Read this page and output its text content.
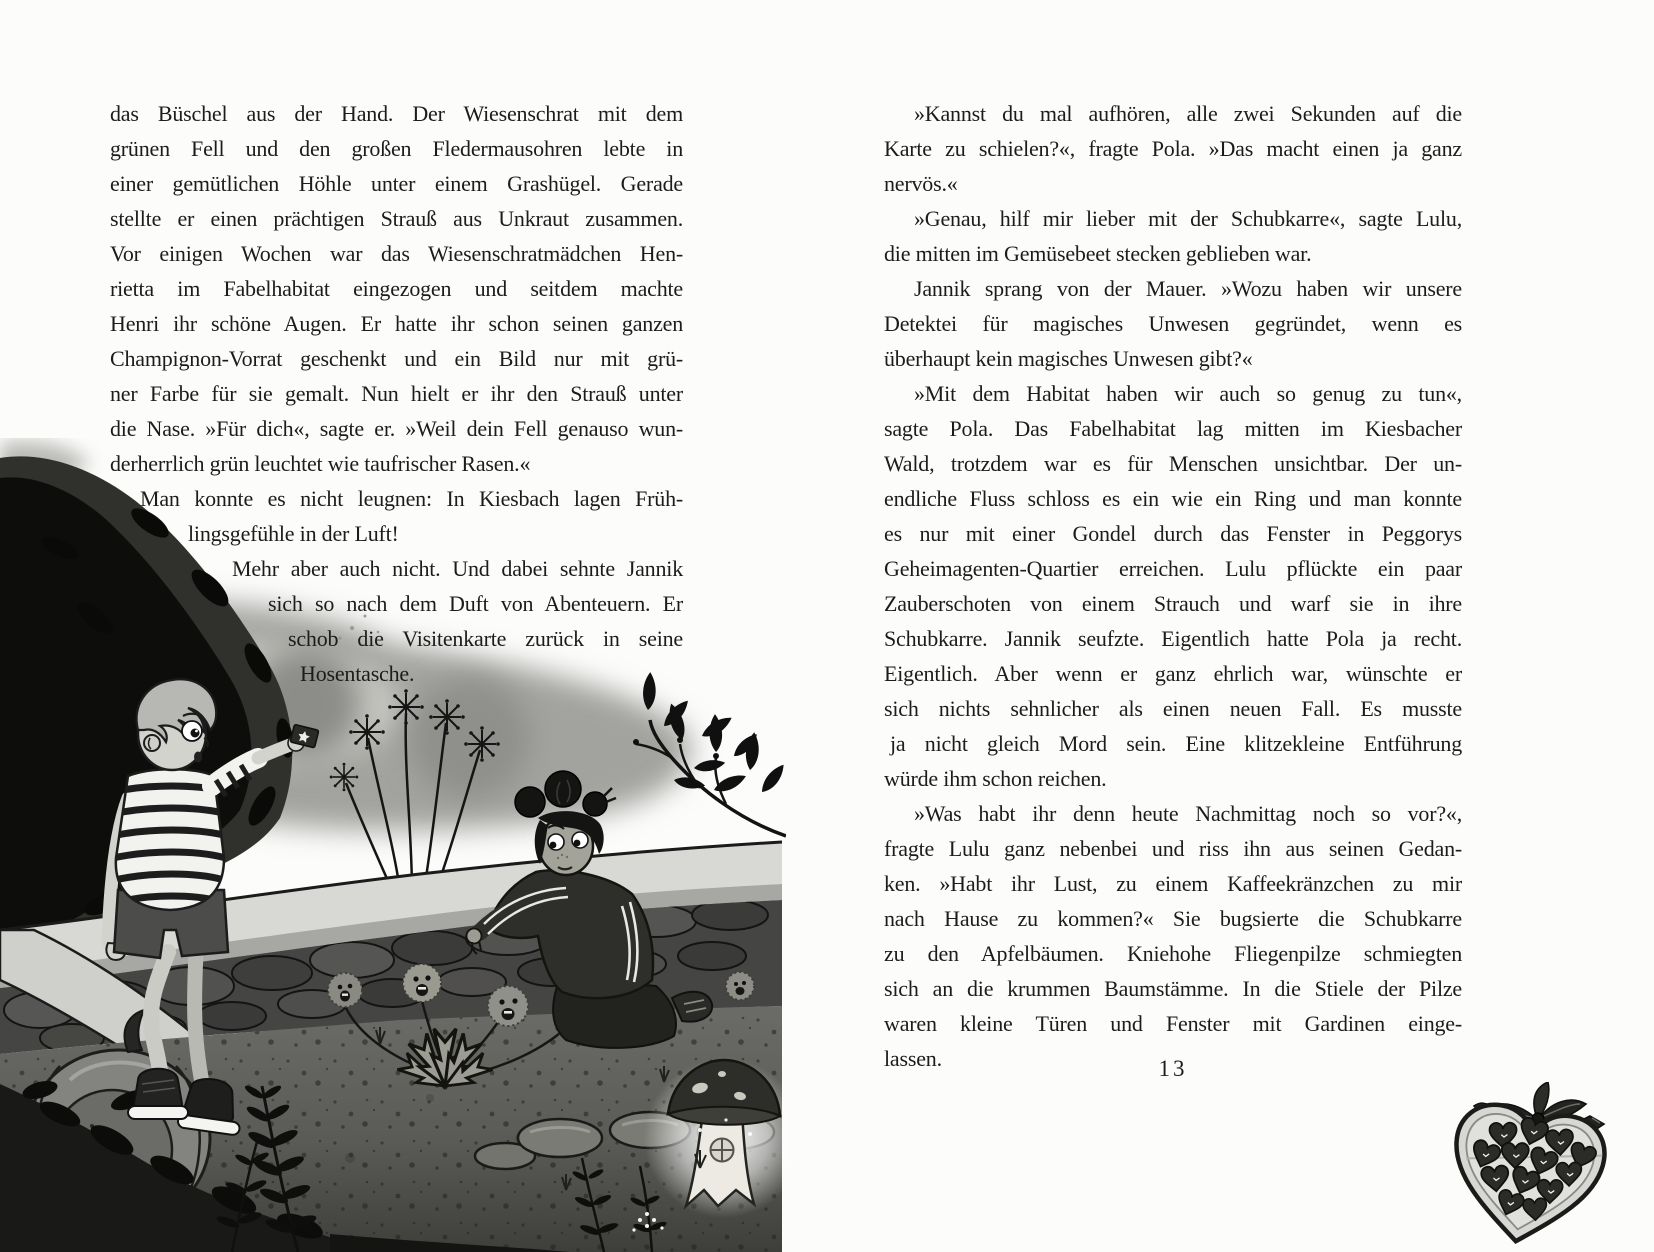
das Büschel aus der Hand. Der Wiesenschrat mit dem
grünen Fell und den großen Fledermausohren lebte in
einer gemütlichen Höhle unter einem Grashügel. Gerade
stellte er einen prächtigen Strauß aus Unkraut zusammen.
Vor einigen Wochen war das Wiesenschratmädchen Hen-
rietta im Fabelhabitat eingezogen und seitdem machte
Henri ihr schöne Augen. Er hatte ihr schon seinen ganzen
Champignon-Vorrat geschenkt und ein Bild nur mit grü-
ner Farbe für sie gemalt. Nun hielt er ihr den Strauß unter
die Nase. »Für dich«, sagte er. »Weil dein Fell genauso wun-
derherrlich grün leuchtet wie taufrischer Rasen.«
Man konnte es nicht leugnen: In Kiesbach lagen Früh-
lingsgefühle in der Luft!
Mehr aber auch nicht. Und dabei sehnte Jannik
sich so nach dem Duft von Abenteuern. Er
schob die Visitenkarte zurück in seine
Hosentasche.
»Kannst du mal aufhören, alle zwei Sekunden auf die
Karte zu schielen?«, fragte Pola. »Das macht einen ja ganz
nervös.«
»Genau, hilf mir lieber mit der Schubkarre«, sagte Lulu,
die mitten im Gemüsebeet stecken geblieben war.
Jannik sprang von der Mauer. »Wozu haben wir unsere
Detektei für magisches Unwesen gegründet, wenn es
überhaupt kein magisches Unwesen gibt?«
»Mit dem Habitat haben wir auch so genug zu tun«,
sagte Pola. Das Fabelhabitat lag mitten im Kiesbacher
Wald, trotzdem war es für Menschen unsichtbar. Der un-
endliche Fluss schloss es ein wie ein Ring und man konnte
es nur mit einer Gondel durch das Fenster in Peggorys
Geheimagenten-Quartier erreichen. Lulu pflückte ein paar
Zauberschoten von einem Strauch und warf sie in ihre
Schubkarre. Jannik seufzte. Eigentlich hatte Pola ja recht.
Eigentlich. Aber wenn er ganz ehrlich war, wünschte er
sich nichts sehnlicher als einen neuen Fall. Es musste
ja nicht gleich Mord sein. Eine klitzekleine Entführung
würde ihm schon reichen.
»Was habt ihr denn heute Nachmittag noch so vor?«,
fragte Lulu ganz nebenbei und riss ihn aus seinen Gedan-
ken. »Habt ihr Lust, zu einem Kaffeekränzchen zu mir
nach Hause zu kommen?« Sie bugsierte die Schubkarre
zu den Apfelbäumen. Kniehohe Fliegenpilze schmiegten
sich an die krummen Baumstämme. In die Stiele der Pilze
waren kleine Türen und Fenster mit Gardinen einge-
lassen.	13
